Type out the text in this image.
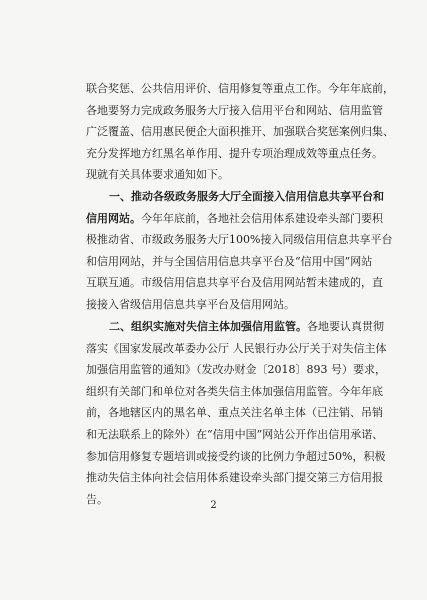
联合奖惩、公共信用评价、信用修复等重点工作。今年年底前，
各地要努力完成政务服务大厅接入信用平台和网站、信用监管
广泛覆盖、信用惠民便企大面积推开、加强联合奖惩案例归集、
充分发挥地方红黑名单作用、提升专项治理成效等重点任务。
现就有关具体要求通知如下。

一、推动各级政务服务大厅全面接入信用信息共享平台和
信用网站。今年年底前，各地社会信用体系建设牵头部门要积
极推动省、市级政务服务大厅100%接入同级信用信息共享平台
和信用网站，并与全国信用信息共享平台及“信用中国”网站
互联互通。市级信用信息共享平台及信用网站暂未建成的，直
接接入省级信用信息共享平台及信用网站。

二、组织实施对失信主体加强信用监管。各地要认真贯彻
落实《国家发展改革委办公厅 人民银行办公厅关于对失信主体
加强信用监管的通知》（发改办财金〔2018〕893 号）要求，
组织有关部门和单位对各类失信主体加强信用监管。今年年底
前，各地辖区内的黑名单、重点关注名单主体（已注销、吊销
和无法联系上的除外）在“信用中国”网站公开作出信用承诺、
参加信用修复专题培训或接受约谈的比例力争超过50%，积极
推动失信主体向社会信用体系建设牵头部门提交第三方信用报
告。	2
